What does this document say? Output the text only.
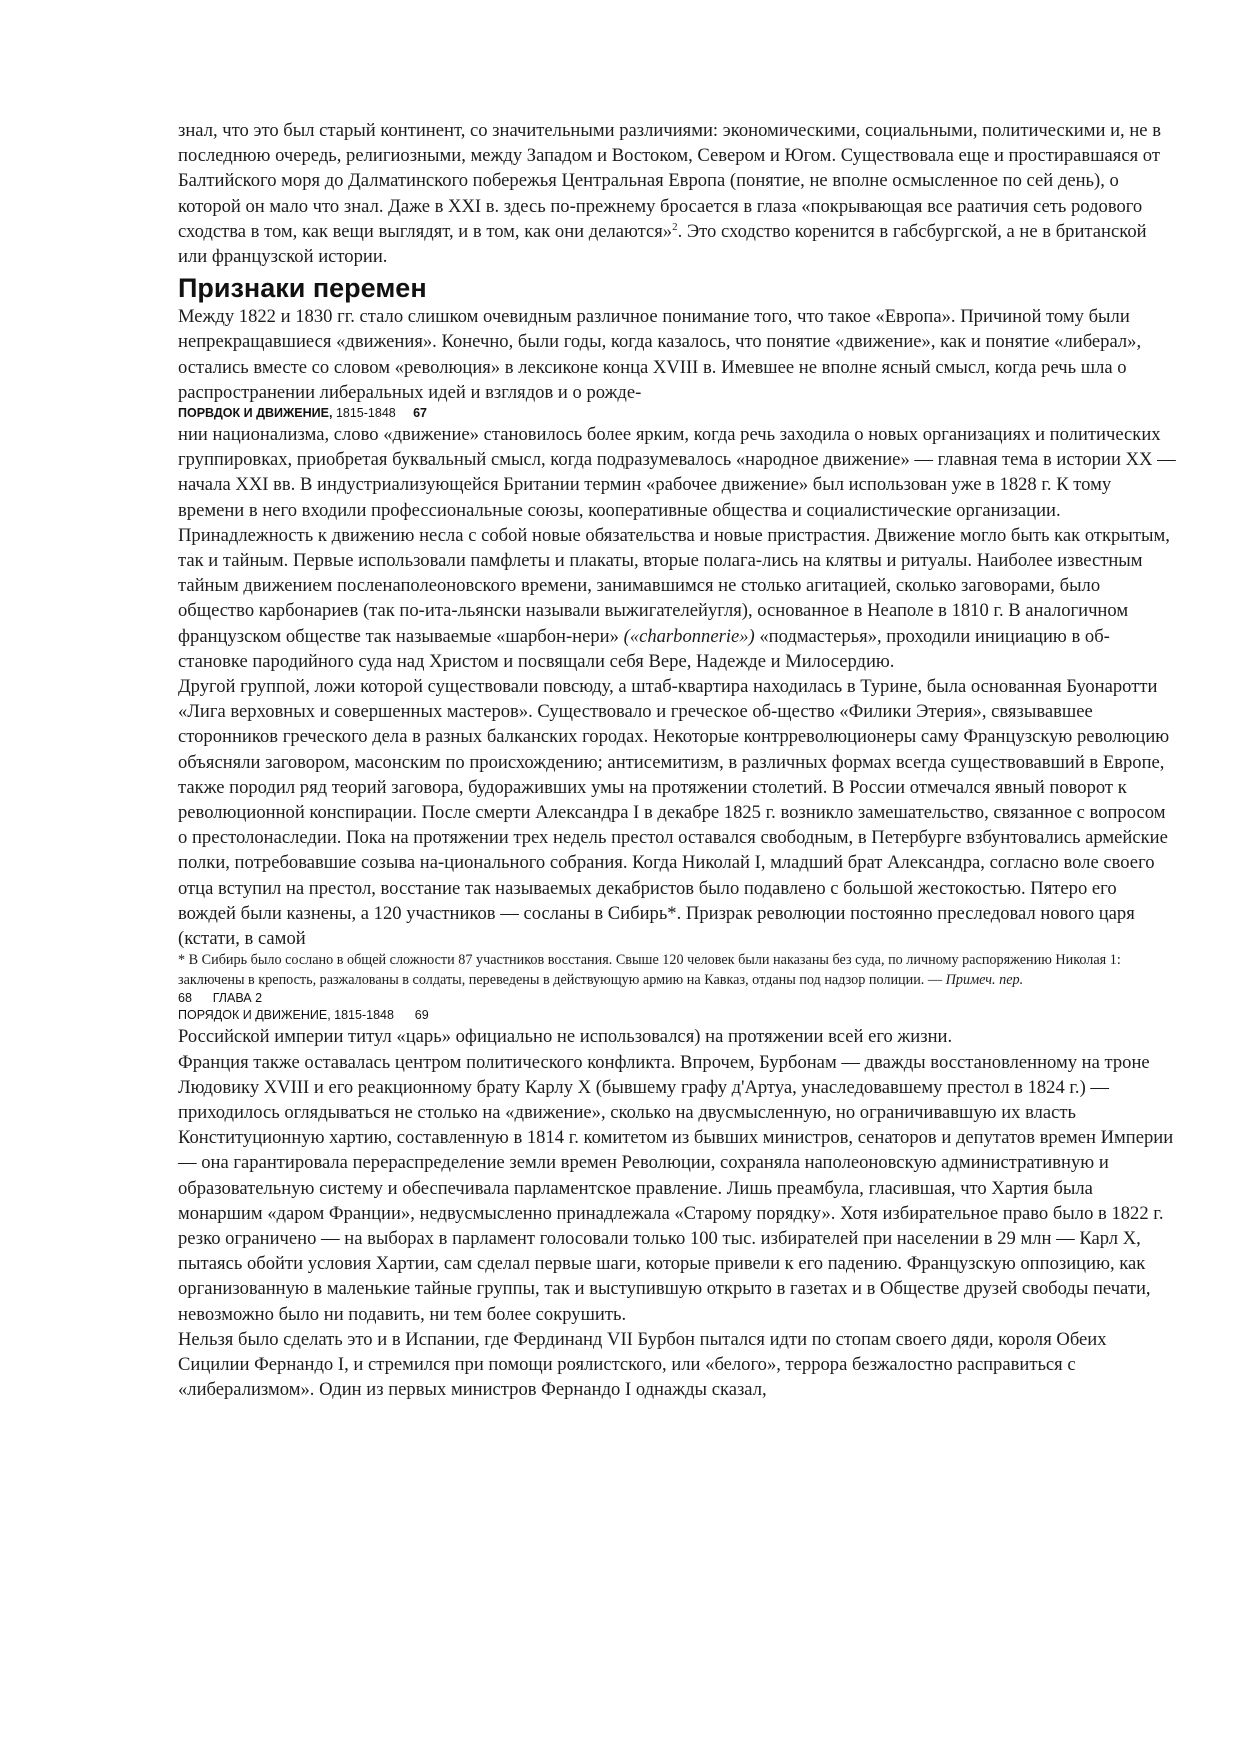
знал, что это был старый континент, со значительными различиями: экономическими, социальными, политическими и, не в последнюю очередь, религиозными, между Западом и Востоком, Севером и Югом. Существовала еще и простиравшаяся от Балтийского моря до Далматинского побережья Центральная Европа (понятие, не вполне осмысленное по сей день), о которой он мало что знал. Даже в XXI в. здесь по-прежнему бросается в глаза «покрывающая все раатичия сеть родового сходства в том, как вещи выглядят, и в том, как они делаются»$^2$. Это сходство коренится в габсбургской, а не в британской или французской истории.

Признаки перемен

Между 1822 и 1830 гг. стало слишком очевидным различное понимание того, что такое «Европа». Причиной тому были непрекращавшиеся «движения». Конечно, были годы, когда казалось, что понятие «движение», как и понятие «либерал», остались вместе со словом «революция» в лексиконе конца XVIII в. Имевшее не вполне ясный смысл, когда речь шла о распространении либеральных идей и взглядов и о рожде-

ПОРВДОК И ДВИЖЕНИЕ, 1815-1848     67

нии национализма, слово «движение» становилось более ярким, когда речь заходила о новых организациях и политических группировках, приобретая буквальный смысл, когда подразумевалось «народное движение» — главная тема в истории XX — начала XXI вв. В индустриализующейся Британии термин «рабочее движение» был использован уже в 1828 г. К тому времени в него входили профессиональные союзы, кооперативные общества и социалистические организации.

Принадлежность к движению несла с собой новые обязательства и новые пристрастия. Движение могло быть как открытым, так и тайным. Первые использовали памфлеты и плакаты, вторые полага-лись на клятвы и ритуалы. Наиболее известным тайным движением посленаполеоновского времени, занимавшимся не столько агитацией, сколько заговорами, было общество карбонариев (так по-ита-льянски называли выжигателейугля), основанное в Неаполе в 1810 г. В аналогичном французском обществе так называемые «шарбон-нери» («charbonnerie») «подмастерья», проходили инициацию в об-становке пародийного суда над Христом и посвящали себя Вере, Надежде и Милосердию.

Другой группой, ложи которой существовали повсюду, а штаб-квартира находилась в Турине, была основанная Буонаротти «Лига верховных и совершенных мастеров». Существовало и греческое об-щество «Филики Этерия», связывавшее сторонников греческого дела в разных балканских городах. Некоторые контрреволюционеры саму Французскую революцию объясняли заговором, масонским по происхождению; антисемитизм, в различных формах всегда существовавший в Европе, также породил ряд теорий заговора, будораживших умы на протяжении столетий. В России отмечался явный поворот к революционной конспирации. После смерти Александра I в декабре 1825 г. возникло замешательство, связанное с вопросом о престолонаследии. Пока на протяжении трех недель престол оставался свободным, в Петербурге взбунтовались армейские полки, потребовавшие созыва на-ционального собрания. Когда Николай I, младший брат Александра, согласно воле своего отца вступил на престол, восстание так называемых декабристов было подавлено с большой жестокостью. Пятеро его вождей были казнены, а 120 участников — сосланы в Сибирь*. Призрак революции постоянно преследовал нового царя (кстати, в самой

* В Сибирь было сослано в общей сложности 87 участников восстания. Свыше 120 человек были наказаны без суда, по личному распоряжению Николая 1: заключены в крепость, разжалованы в солдаты, переведены в действующую армию на Кавказ, отданы под надзор полиции. — Примеч. пер.
68      ГЛАВА 2
ПОРЯДОК И ДВИЖЕНИЕ, 1815-1848      69

Российской империи титул «царь» официально не использовался) на протяжении всей его жизни.

Франция также оставалась центром политического конфликта. Впрочем, Бурбонам — дважды восстановленному на троне Людовику XVIII и его реакционному брату Карлу X (бывшему графу д'Артуа, унаследовавшему престол в 1824 г.) — приходилось оглядываться не столько на «движение», сколько на двусмысленную, но ограничивавшую их власть Конституционную хартию, составленную в 1814 г. комитетом из бывших министров, сенаторов и депутатов времен Империи — она гарантировала перераспределение земли времен Революции, сохраняла наполеоновскую административную и образовательную систему и обеспечивала парламентское правление. Лишь преамбула, гласившая, что Хартия была монаршим «даром Франции», недвусмысленно принадлежала «Старому порядку». Хотя избирательное право было в 1822 г. резко ограничено — на выборах в парламент голосовали только 100 тыс. избирателей при населении в 29 млн — Карл X, пытаясь обойти условия Хартии, сам сделал первые шаги, которые привели к его падению. Французскую оппозицию, как организованную в маленькие тайные группы, так и выступившую открыто в газетах и в Обществе друзей свободы печати, невозможно было ни подавить, ни тем более сокрушить.

Нельзя было сделать это и в Испании, где Фердинанд VII Бурбон пытался идти по стопам своего дяди, короля Обеих Сицилии Фернандо I, и стремился при помощи роялистского, или «белого», террора безжалостно расправиться с «либерализмом». Один из первых министров Фернандо I однажды сказал,
